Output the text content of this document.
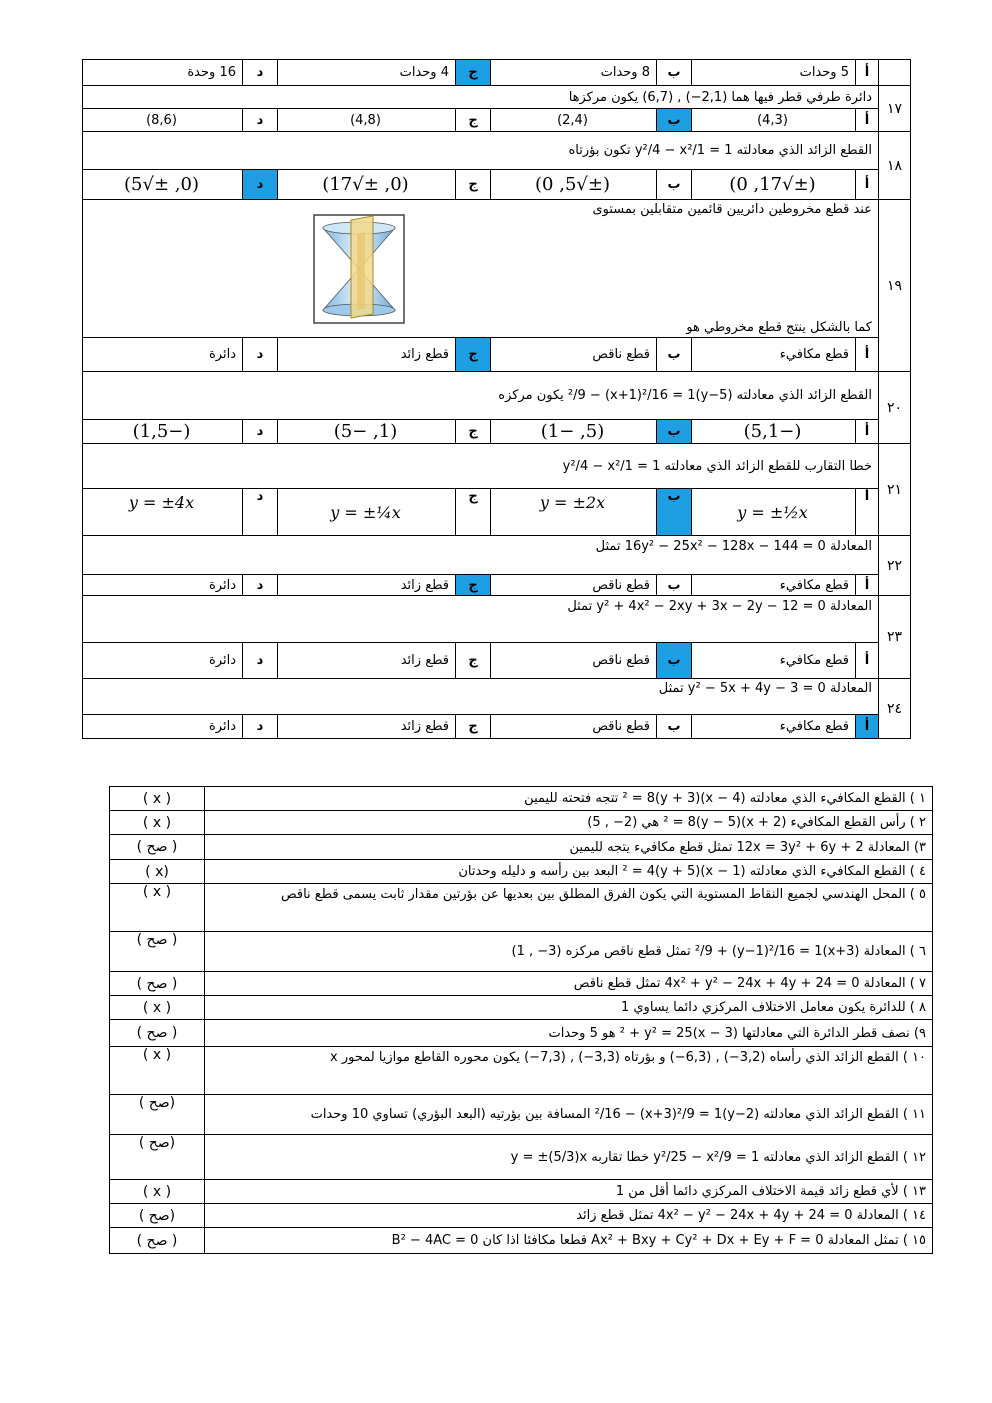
	أ	5 وحدات	ب	8 وحدات	ج	4 وحدات	د	16 وحدة
١٧	دائرة طرفي قطر فيها هما (2,1−) , (6,7) يكون مركزها							
	أ	(4,3)	ب	(2,4)	ج	(4,8)	د	(8,6)
١٨	القطع الزائد الذي معادلته y²/4 − x²/1 = 1 تكون بؤرتاه							
	أ	(±√17, 0)	ب	(±√5, 0)	ج	(0, ±√17)	د	(0, ±√5)
١٩	عند قطع مخروطين دائريين قائمين متقابلين بمستوى
كما بالشكل ينتج قطع مخروطي هو							

	أ	قطع مكافيء	ب	قطع ناقص	ج	قطع زائد	د	دائرة
٢٠	القطع الزائد الذي معادلته (y−5)²/9 − (x+1)²/16 = 1 يكون مركزه							
	أ	(−5,1)	ب	(5, −1)	ج	(1, −5)	د	(−1,5)
٢١	خطا التقارب للقطع الزائد الذي معادلته y²/4 − x²/1 = 1							
	أ	y = ±½x	ب	y = ±2x	ج	y = ±¼x	د	y = ±4x
٢٢	المعادلة 16y² − 25x² − 128x − 144 = 0 تمثل							
	أ	قطع مكافيء	ب	قطع ناقص	ج	قطع زائد	د	دائرة
٢٣	المعادلة y² + 4x² − 2xy + 3x − 2y − 12 = 0 تمثل							
	أ	قطع مكافيء	ب	قطع ناقص	ج	قطع زائد	د	دائرة
٢٤	المعادلة y² − 5x + 4y − 3 = 0 تمثل							
	أ	قطع مكافيء	ب	قطع ناقص	ج	قطع زائد	د	دائرة
١ ) القطع المكافيء الذي معادلته (x − 4)² = 8(y + 3) تتجه فتحته لليمين	( x )
٢ ) رأس القطع المكافيء (x + 2)² = 8(y − 5) هي (2− , 5)	( x )
٣) المعادلة 12x = 3y² + 6y + 2 تمثل قطع مكافيء يتجه لليمين	( صح )
٤ ) القطع المكافيء الذي معادلته (x − 1)² = 4(y + 5) البعد بين رأسه و دليله وحدتان	(x )
٥ ) المحل الهندسي لجميع النقاط المستوية التي يكون الفرق المطلق بين بعديها عن بؤرتين مقدار ثابت يسمى قطع ناقص	( x )
٦ ) المعادلة (x+3)²/9 + (y−1)²/16 = 1 تمثل قطع ناقص مركزه (3− , 1)	( صح )
٧ ) المعادلة 4x² + y² − 24x + 4y + 24 = 0 تمثل قطع ناقص	( صح )
٨ ) للدائرة يكون معامل الاختلاف المركزي دائما يساوي 1	( x )
٩) نصف قطر الدائرة التي معادلتها (x − 3)² + y² = 25 هو 5 وحدات	( صح )
١٠ ) القطع الزائد الذي رأساه (3,2−) , (6,3−) و بؤرتاه (3,3−) , (7,3−) يكون محوره القاطع موازيا لمحور x	( x )
١١ ) القطع الزائد الذي معادلته (y−2)²/16 − (x+3)²/9 = 1 المسافة بين بؤرتيه (البعد البؤري) تساوي 10 وحدات	(صح )
١٢ ) القطع الزائد الذي معادلته y²/25 − x²/9 = 1 خطا تقاربه y = ±(5/3)x	(صح )
١٣ ) لأي قطع زائد قيمة الاختلاف المركزي دائما أقل من 1	( x )
١٤ ) المعادلة 4x² − y² − 24x + 4y + 24 = 0 تمثل قطع زائد	(صح )
١٥ ) تمثل المعادلة Ax² + Bxy + Cy² + Dx + Ey + F = 0 قطعا مكافئا اذا كان B² − 4AC = 0	( صح )
